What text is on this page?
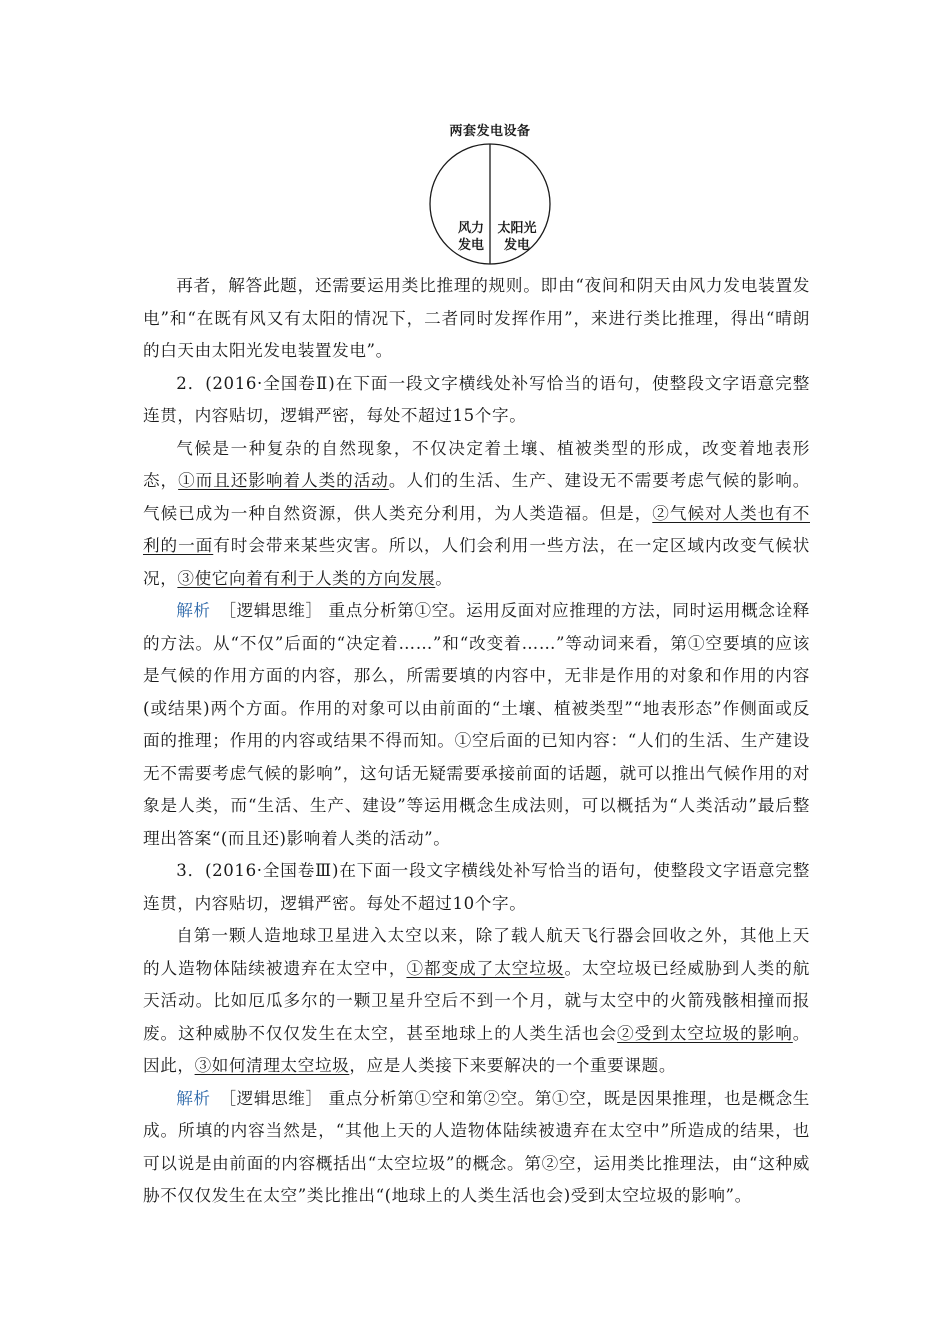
两套发电设备
风力
发电
太阳光
发电

再者，解答此题，还需要运用类比推理的规则。即由“夜间和阴天由风力发电装置发电”和“在既有风又有太阳的情况下，二者同时发挥作用”，来进行类比推理，得出“晴朗的白天由太阳光发电装置发电”。

2．(2016·全国卷Ⅱ)在下面一段文字横线处补写恰当的语句，使整段文字语意完整连贯，内容贴切，逻辑严密，每处不超过15个字。

气候是一种复杂的自然现象，不仅决定着土壤、植被类型的形成，改变着地表形态，①而且还影响着人类的活动。人们的生活、生产、建设无不需要考虑气候的影响。气候已成为一种自然资源，供人类充分利用，为人类造福。但是，②气候对人类也有不利的一面有时会带来某些灾害。所以，人们会利用一些方法，在一定区域内改变气候状况，③使它向着有利于人类的方向发展。

解析　 ［逻辑思维］ 重点分析第①空。运用反面对应推理的方法，同时运用概念诠释的方法。从“不仅”后面的“决定着……”和“改变着……”等动词来看，第①空要填的应该是气候的作用方面的内容，那么，所需要填的内容中，无非是作用的对象和作用的内容(或结果)两个方面。作用的对象可以由前面的“土壤、植被类型”“地表形态”作侧面或反面的推理；作用的内容或结果不得而知。①空后面的已知内容：“人们的生活、生产建设无不需要考虑气候的影响”，这句话无疑需要承接前面的话题，就可以推出气候作用的对象是人类，而“生活、生产、建设”等运用概念生成法则，可以概括为“人类活动”最后整理出答案“(而且还)影响着人类的活动”。

3．(2016·全国卷Ⅲ)在下面一段文字横线处补写恰当的语句，使整段文字语意完整连贯，内容贴切，逻辑严密。每处不超过10个字。

自第一颗人造地球卫星进入太空以来，除了载人航天飞行器会回收之外，其他上天的人造物体陆续被遗弃在太空中，①都变成了太空垃圾。太空垃圾已经威胁到人类的航天活动。比如厄瓜多尔的一颗卫星升空后不到一个月，就与太空中的火箭残骸相撞而报废。这种威胁不仅仅发生在太空，甚至地球上的人类生活也会②受到太空垃圾的影响。因此，③如何清理太空垃圾，应是人类接下来要解决的一个重要课题。

解析　 ［逻辑思维］ 重点分析第①空和第②空。第①空，既是因果推理，也是概念生成。所填的内容当然是，“其他上天的人造物体陆续被遗弃在太空中”所造成的结果，也可以说是由前面的内容概括出“太空垃圾”的概念。第②空，运用类比推理法，由“这种威胁不仅仅发生在太空”类比推出“(地球上的人类生活也会)受到太空垃圾的影响”。
